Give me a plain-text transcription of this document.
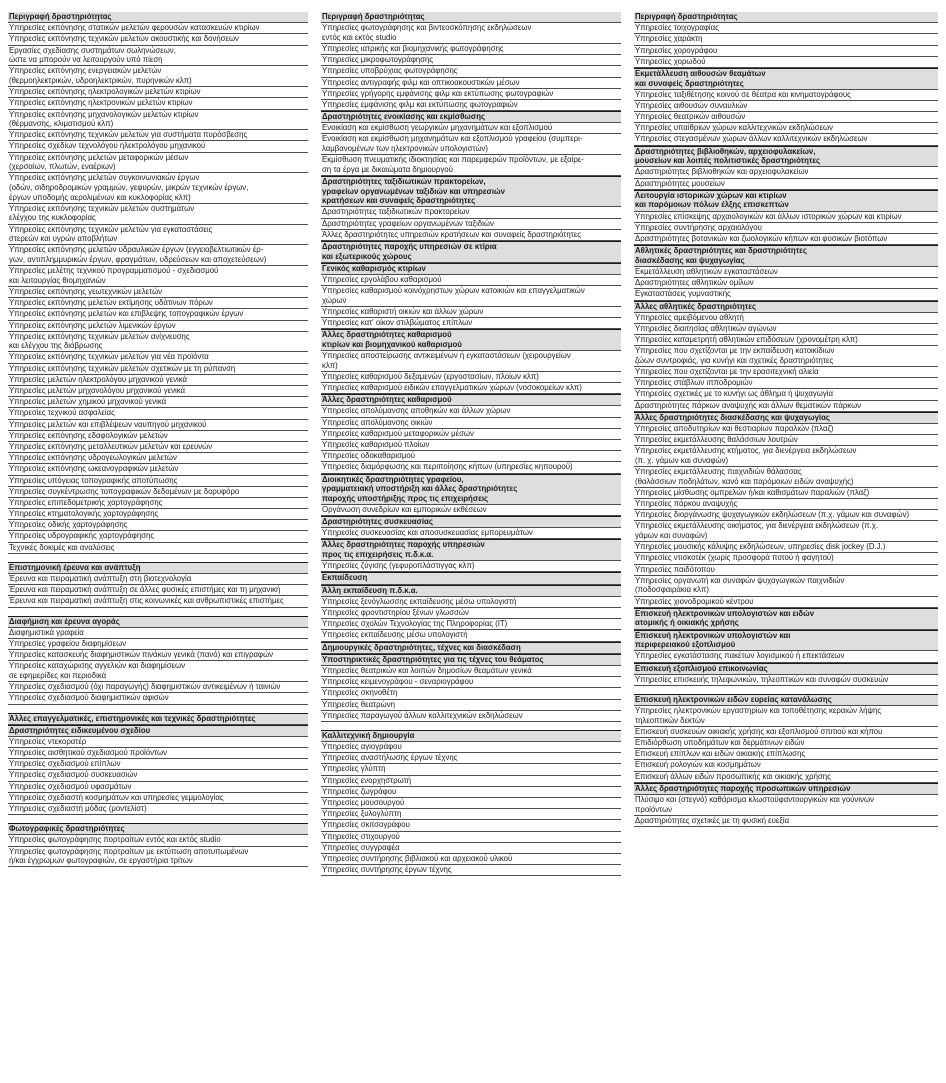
Περιγραφή δραστηριότητας
Υπηρεσίες εκπόνησης στατικών μελετών φερουσών κατασκευών κτιρίων
Υπηρεσίες εκπόνησης τεχνικών μελετών ακουστικής και δονήσεων
Εργασίες σχεδίασης συστημάτων σωληνώσεων,
ώστε να μπορούν να λειτουργούν υπό πίεση
Υπηρεσίες εκπόνησης ενεργειακών μελετών
(θερμοηλεκτρικών, υδροηλεκτρικών, πυρηνικών κλπ)
Υπηρεσίες εκπόνησης ηλεκτρολογικών μελετών κτιρίων
Υπηρεσίες εκπόνησης ηλεκτρονικών μελετών κτιρίων
Υπηρεσίες εκπόνησης μηχανολογικών μελετών κτιρίων
(θέρμανσης, κλιματισμού κλπ)
Υπηρεσίες εκπόνησης τεχνικών μελετών για συστήματα πυρόσβεσης
Υπηρεσίες σχεδίων τεχνολόγου ηλεκτρολόγου μηχανικού
Υπηρεσίες εκπόνησης μελετών μεταφορικών μέσων
(χερσαίων, πλωτών, εναέριων)
Υπηρεσίες εκπόνησης μελετών συγκοινωνιακών έργων
(οδών, σιδηροδρομικών γραμμών, γεφυρών, μικρών τεχνικών έργων,
έργων υποδομής αερολιμένων και κυκλοφορίας κλπ)
Υπηρεσίες εκπόνησης τεχνικών μελετών συστημάτων
ελέγχου της κυκλοφορίας
Υπηρεσίες εκπόνησης τεχνικών μελετών για εγκαταστάσεις
στερεών και υγρών αποβλήτων
Υπηρεσίες εκπόνησης μελετών υδραυλικών έργων (εγγειοβελτιωτικών έρ-
γων, αντιπλημμυρικών έργων, φραγμάτων, υδρεύσεων και αποχετεύσεων)
Υπηρεσίες μελέτης τεχνικού προγραμματισμού - σχεδιασμού
και λειτουργίας θιομηχανιών
Υπηρεσίες εκπόνησης γεωτεχνικών μελετών
Υπηρεσίες εκπόνησης μελετών εκτίμησης υδάτινων πόρων
Υπηρεσίες εκπόνησης μελετών και επιβλεψης τοπογραφικών έργων
Υπηρεσίες εκπόνησης μελετών λιμενικών έργων
Υπηρεσίες εκπόνησης τεχνικών μελετών ανίχνευσης
και ελέγχου της διάβρωσης
Υπηρεσίες εκπόνησης τεχνικών μελετών για νέα προϊόντα
Υπηρεσίες εκπόνησης τεχνικών μελετών σχετικών με τη ρύπανση
Υπηρεσίες μελετών ηλεκτρολόγου μηχανικού γενικά
Υπηρεσίες μελετών μηχανολόγου μηχανικού γενικά
Υπηρεσίες μελετών χημικού μηχανικού γενικά
Υπηρεσίες τεχνικού ασφαλείας
Υπηρεσίες μελετών και επιβλέψεων ναυπηγού μηχανικού
Υπηρεσίες εκπόνησης εδαφολογικών μελετών
Υπηρεσίες εκπόνησης μεταλλευτικών μελετών και ερευνών
Υπηρεσίες εκπόνησης υδρογεωλογικών μελετών
Υπηρεσίες εκπόνησης ωκεανογραφικών μελετών
Υπηρεσίες υπόγειας τοπογραφικής αποτύπωσης
Υπηρεσίες συγκέντρωσης τοπογραφικών δεδομένων με δορυφόρο
Υπηρεσίες επιπεδομετρικής χαρτογράφησης
Υπηρεσίες κτηματολογικής χαρτογράφησης
Υπηρεσίες οδικής χαρτογράφησης
Υπηρεσίες υδρογραφικής χαρτογράφησης
Τεχνικές δοκιμές και αναλύσεις
Επιστημονική έρευνα και ανάπτυξη
Έρευνα και πειραματική ανάπτυξη στη βιοτεχνολογία
Έρευνα και πειραματική ανάπτυξη σε άλλες φυσικές επιστήμες και τη μηχανική
Έρευνα και πειραματική ανάπτυξη στις κοινωνικές και ανθρωπιστικές επιστήμες
Διαφήμιση και έρευνα αγοράς
Διαφημιστικά γραφεία
Υπηρεσίες γραφείου διαφημίσεων
Υπηρεσίες κατασκευής διαφημιστικών πινάκων γενικά (πανό) και επιγραφών
Υπηρεσίες καταχώρισης αγγελιών και διαφημίσεων
σε εφημερίδες και περιοδικά
Υπηρεσίες σχεδιασμού (όχι παραγωγής) διαφημιστικών αντικειμένων ή ταινιών
Υπηρεσίες σχεδιασμού διαφημιστικών αφισών
Άλλες επαγγελματικές, επιστημονικές και τεχνικές δραστηριότητες
Δραστηριότητες ειδικευμένου σχεδίου
Υπηρεσίες ντεκορατέρ
Υπηρεσίες αισθητικού σχεδιασμού προϊόντων
Υπηρεσίες σχεδιασμού επίπλων
Υπηρεσίες σχεδιασμού συσκευασιών
Υπηρεσίες σχεδιασμού υφασμάτων
Υπηρεσίες σχεδιαστή κοσμημάτων και υπηρεσίες γεμμολογίας
Υπηρεσίες σχεδιαστή μόδας (μοντελίστ)
Φωτογραφικές δραστηριότητες
Υπηρεσίες φωτογράφησης πορτραίτων εντός και εκτός studio
Υπηρεσίες φωτογράφησης πορτραίτων με εκτύπωση αποτυπωμένων
ή/και έγχρωμων φωτογραφιών, σε εργαστήρια τρίτων
Περιγραφή δραστηριότητας
Υπηρεσίες φωτογράφησης και βιντεοσκόπησης εκδηλώσεων
εντός και εκτός studio
Υπηρεσίες ιατρικής και βιομηχανικής φωτογράφησης
Υπηρεσίες μικροφωτογράφησης
Υπηρεσίες υποβρύχιας φωτογράφησης
Υπηρεσίες αντιγραφής φιλμ και οπτικοακουστικών μέσων
Υπηρεσίες γρήγορης εμφάνισης φιλμ και εκτύπωσης φωτογραφιών
Υπηρεσίες εμφάνισης φιλμ και εκτύπωσης φωτογραφιών
Δραστηριότητες ενοικίασης και εκμίσθωσης
Ενοικίαση και εκμίσθωση γεωργικών μηχανημάτων και εξοπλισμού
Ενοικίαση και εκμίσθωση μηχανημάτων και εξοπλισμού γραφείου (συμπερι-
λαμβανομένων των ηλεκτρονικών υπολογιστών)
Εκμίσθωση πνευματικής ιδιοκτησίας και παρεμφερών προϊόντων, με εξαίρε-
ση τα έργα με δικαιώματα δημιουργού
Δραστηριότητες ταξιδιωτικών πρακτορείων,
γραφείων οργανωμένων ταξιδιών και υπηρεσιών
κρατήσεων και συναφείς δραστηριότητες
Δραστηριότητες ταξιδιωτικών πρακτορείων
Δραστηριότητες γραφείων οργανωμένων ταξιδιών
Άλλες δραστηριότητες υπηρεσιών κρατήσεων και συναφείς δραστηριότητες
Δραστηριότητες παροχής υπηρεσιών σε κτίρια
και εξωτερικούς χώρους
Γενικός καθαρισμός κτιρίων
Υπηρεσίες εργολάβου καθαρισμού
Υπηρεσίες καθαρισμού κοινόχρηστων χώρων κατοικιών και επαγγελματικών
χώρων
Υπηρεσίες καθαριστή οικιών και άλλων χώρων
Υπηρεσίες κατ' οίκον στιλβώματος επίπλων
Άλλες δραστηριότητες καθαρισμού
κτιρίων και βιομηχανικού καθαρισμού
Υπηρεσίες αποστείρωσης αντικειμένων ή εγκαταστάσεων (χειρουργείων
κλπ)
Υπηρεσίες καθαρισμού δεξαμενών (εργοστασίων, πλοίων κλπ)
Υπηρεσίες καθαρισμού ειδικών επαγγελματικών χώρων (νοσοκομείων κλπ)
Άλλες δραστηριότητες καθαρισμού
Υπηρεσίες απολύμανσης αποθηκών και άλλων χώρων
Υπηρεσίες απολύμανσης οικιών
Υπηρεσίες καθαρισμού μεταφορικών μέσων
Υπηρεσίες καθαρισμού πλοίων
Υπηρεσίες οδοκαθαρισμού
Υπηρεσίες διαμόρφωσης και περιποίησης κήπων (υπηρεσίες κηπουρού)
Διοικητικές δραστηριότητες γραφείου,
γραμματειακή υποστήριξη και άλλες δραστηριότητες
παροχής υποστήριξης προς τις επιχειρήσεις
Οργάνωση συνεδρίων και εμπορικών εκθέσεων
Δραστηριότητες συσκευασίας
Υπηρεσίες συσκευασίας και αποσυσκευασίας εμπορευμάτων
Άλλες δραστηριότητες παροχής υπηρεσιών
προς τις επιχειρήσεις π.δ.κ.α.
Υπηρεσίες ζύγισης (γεφυροπλάστιγγας κλπ)
Εκπαίδευση
Άλλη εκπαίδευση π.δ.κ.α.
Υπηρεσίες ξενόγλωσσης εκπαίδευσης μέσω υπολογιστή
Υπηρεσίες φροντιστηρίου ξένων γλωσσών
Υπηρεσίες σχολών Τεχνολογίας της Πληροφορίας (IT)
Υπηρεσίες εκπαίδευσης μέσω υπολογιστή
Δημιουργικές δραστηριότητες, τέχνες και διασκέδαση
Υποστηρικτικές δραστηριότητες για τις τέχνες του θεάματος
Υπηρεσίες θεατρικών και λοιπών δημοσίων θεαμάτων γενικά
Υπηρεσίες κειμενογράφου - σεναριογράφου
Υπηρεσίες σκηνοθέτη
Υπηρεσίες θεατρώνη
Υπηρεσίες παραγωγού άλλων καλλιτεχνικών εκδηλώσεων
Καλλιτεχνική δημιουργία
Υπηρεσίες αγιογράφου
Υπηρεσίες αναστήλωσης έργων τέχνης
Υπηρεσίες γλύπτη
Υπηρεσίες ενορχηστρωτή
Υπηρεσίες ζωγράφου
Υπηρεσίες μουσουργού
Υπηρεσίες ξυλογλύπτη
Υπηρεσίες σκιτσογράφου
Υπηρεσίες στιχουργού
Υπηρεσίες συγγραφέα
Υπηρεσίες συντήρησης βιβλιακού και αρχειακού υλικού
Υπηρεσίες συντήρησης έργων τέχνης
Περιγραφή δραστηριότητας
Υπηρεσίες τοιχογραφίας
Υπηρεσίες χαράκτη
Υπηρεσίες χορογράφου
Υπηρεσίες χορωδού
Εκμετάλλευση αιθουσών θεαμάτων
και συναφείς δραστηριότητες
Υπηρεσίες ταξιθέτησης κοινού σε θέατρα και κινηματογράφους
Υπηρεσίες αιθουσών συναυλιών
Υπηρεσίες θεατρικών αιθουσών
Υπηρεσίες υπαίθριων χώρων καλλιτεχνικών εκδηλώσεων
Υπηρεσίες στεγασμένων χώρων άλλων καλλιτεχνικών εκδηλώσεων
Δραστηριότητες βιβλιοθηκών, αρχειοφυλακείων,
μουσείων και λοιπές πολιτιστικές δραστηριότητες
Δραστηριότητες βιβλιοθηκών και αρχειοφυλακείων
Δραστηριότητες μουσείων
Λειτουργία ιστορικών χώρων και κτιρίων
και παρόμοιων πόλων έλξης επισκεπτών
Υπηρεσίες επίσκεψης αρχαιολογικών και άλλων ιστορικών χώρων και κτιρίων
Υπηρεσίες συντήρησης αρχαιολόγου
Δραστηριότητες βοτανικών και ζωολογικών κήπων και φυσικών βιοτόπων
Αθλητικές δραστηριότητες και δραστηριότητες
διασκέδασης και ψυχαγωγίας
Εκμετάλλευση αθλητικών εγκαταστάσεων
Δραστηριότητες αθλητικών ομίλων
Εγκαταστάσεις γυμναστικής
Άλλες αθλητικές δραστηριότητες
Υπηρεσίες αμειβόμενου αθλητή
Υπηρεσίες διαιτησίας αθλητικών αγώνων
Υπηρεσίες καταμετρητή αθλητικών επιδόσεων (χρονομέτρη κλπ)
Υπηρεσίες που σχετίζονται με την εκπαίδευση κατοικίδιων
ζώων συντροφιάς, για κυνήγι και σχετικές δραστηριότητες
Υπηρεσίες που σχετίζονται με την ερασιτεχνική αλιεία
Υπηρεσίες στάβλων ιπποδρομιών
Υπηρεσίες σχετικές με το κυνήγι ως άθλημα ή ψυχαγωγία
Δραστηριότητες πάρκων αναψυχής και άλλων θεματικών πάρκων
Άλλες δραστηριότητες διασκέδασης και ψυχαγωγίας
Υπηρεσίες αποδυτηρίων και θεστιαρίων παραλιών (πλαζ)
Υπηρεσίες εκμετάλλευσης θαλάσσιων λουτρών
Υπηρεσίες εκμετάλλευσης κτήματος, για διενέργεια εκδηλώσεων
(π. χ. γάμων και συναφών)
Υπηρεσίες εκμετάλλευσης παιχνιδιών θάλασσας
(θαλάσσιων ποδηλάτων, κανό και παρόμοιων ειδών αναψυχής)
Υπηρεσίες μίσθωσης ομπρελών ή/και καθισμάτων παραλιών (πλαζ)
Υπηρεσίες πάρκου αναψυχής
Υπηρεσίες διοργάνωσης ψυχαγωγικών εκδηλώσεων (π.χ. γάμων και συναφών)
Υπηρεσίες εκμετάλλευσης οικήματος, για διενέργεια εκδηλώσεων (π.χ.
γάμων και συναφών)
Υπηρεσίες μουσικής κάλυψης εκδηλώσεων, υπηρεσίες disk jockey (D.J.)
Υπηρεσίες ντισκοτέκ (χωρίς προσφορά ποτού ή φαγητού)
Υπηρεσίες παιδότοπου
Υπηρεσίες οργανωτή και συναφών ψυχαγωγικών παιχνιδιών
(ποδοσφαιράκια κλπ)
Υπηρεσίες χιονοδρομικού κέντρου
Επισκευή ηλεκτρονικών υπολογιστών και ειδών
ατομικής ή οικιακής χρήσης
Επισκευή ηλεκτρονικών υπολογιστών και
περιφερειακού εξοπλισμού
Υπηρεσίες εγκατάστασης πακέτων λογισμικού ή επεκτάσεων
Επισκευή εξοπλισμού επικοινωνίας
Υπηρεσίες επισκευής τηλεφωνικών, τηλεοπτικών και συναφών συσκευών
Επισκευή ηλεκτρονικών ειδών ευρείας κατανάλωσης
Υπηρεσίες ηλεκτρονικών εργαστηρίων και τοποθέτησης κεραιών λήψης
τηλεοπτικών δεκτών
Επισκευή συσκευών οικιακής χρήσης και εξοπλισμού σπιτιού και κήπου
Επιδιόρθωση υποδημάτων και δερμάτινων ειδών
Επισκευή επίπλων και ειδών οικιακής επίπλωσης
Επισκευή ρολογιών και κοσμημάτων
Επισκευή άλλων ειδών προσωπικής και οικιακής χρήσης
Άλλες δραστηριότητες παροχής προσωπικών υπηρεσιών
Πλύσιμο και (στεγνό) καθάρισμα κλωστοϋφαντουργικών και γούνινων
προϊόντων
Δραστηριότητες σχετικές με τη φυσική ευεξία
